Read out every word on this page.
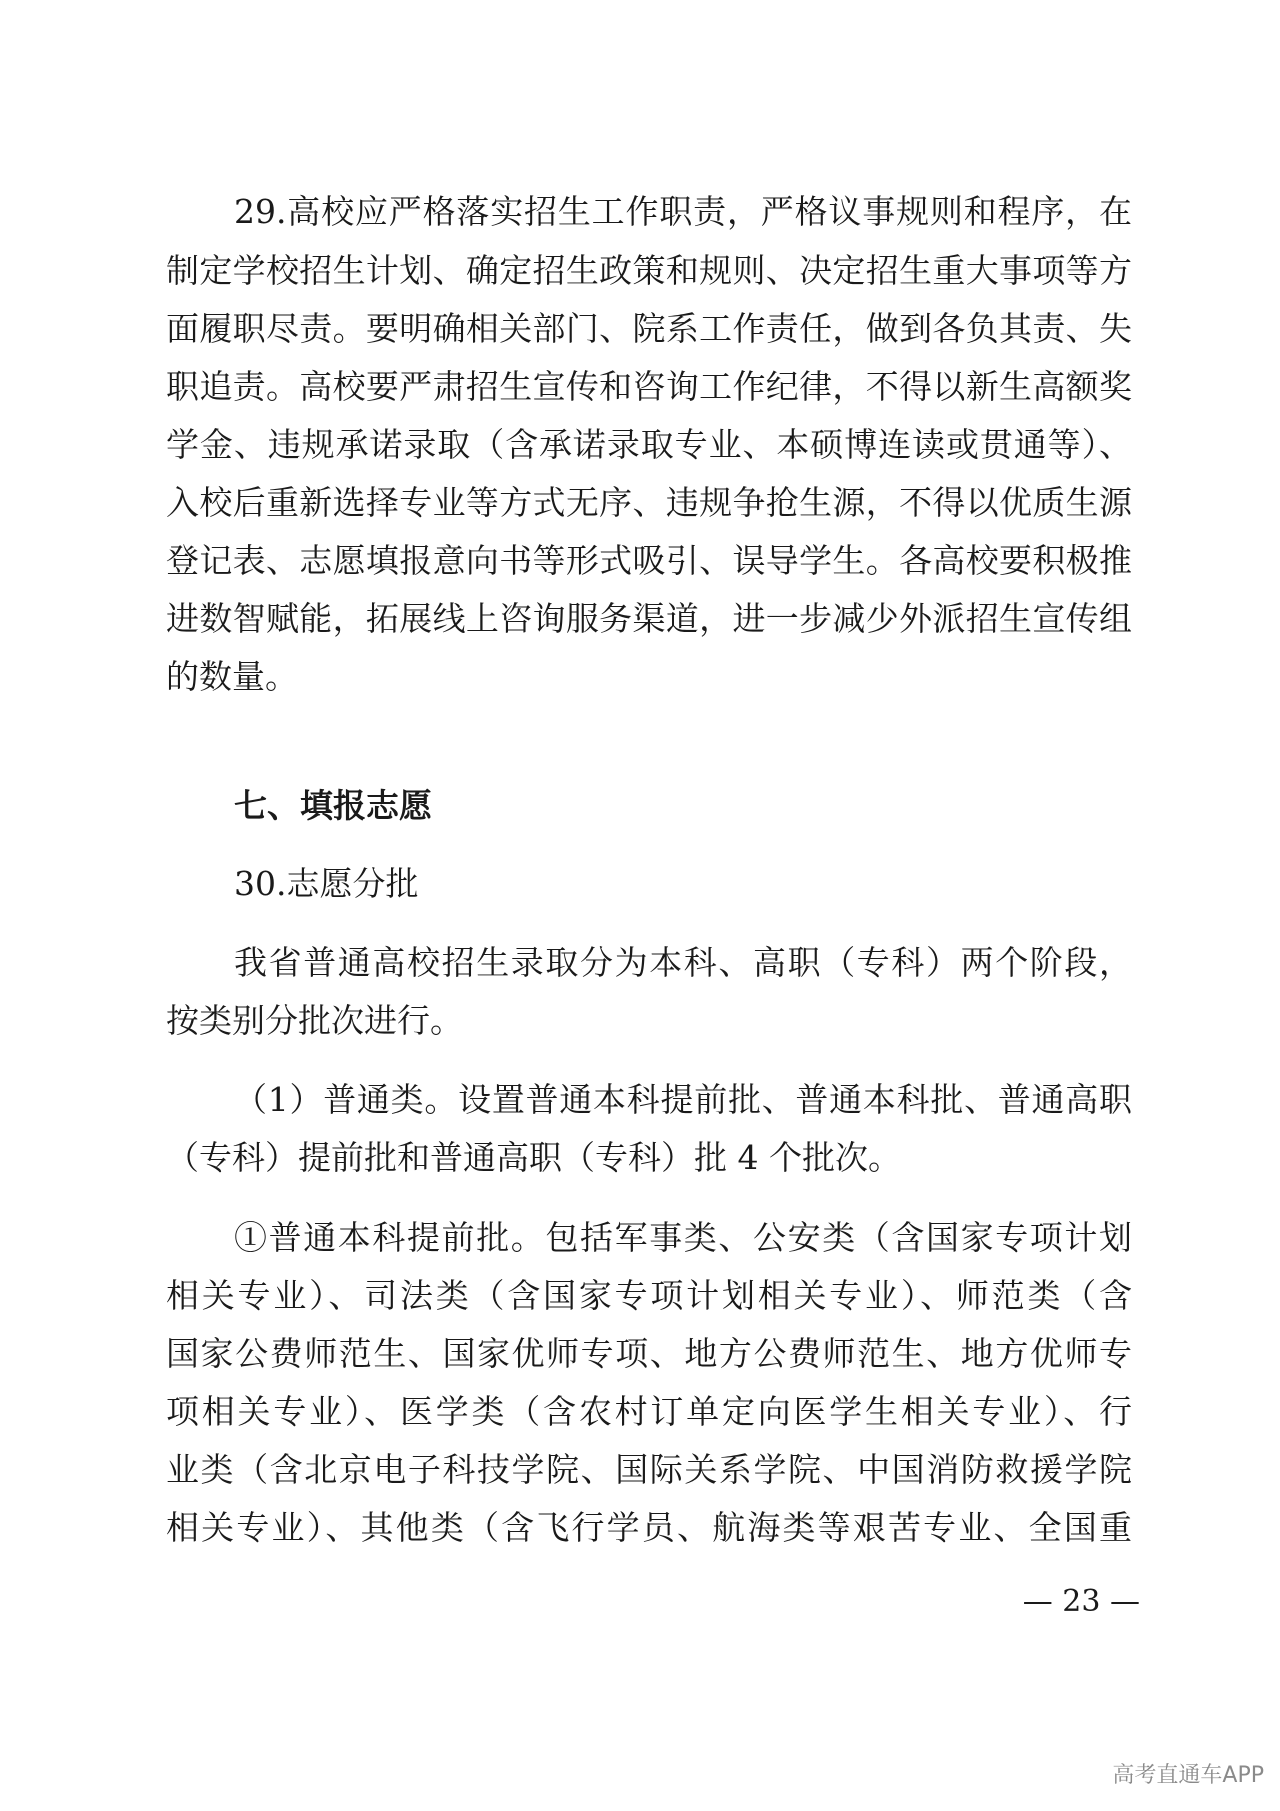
29.高校应严格落实招生工作职责，严格议事规则和程序，在
制定学校招生计划、确定招生政策和规则、决定招生重大事项等方
面履职尽责。要明确相关部门、院系工作责任，做到各负其责、失
职追责。高校要严肃招生宣传和咨询工作纪律，不得以新生高额奖
学金、违规承诺录取（含承诺录取专业、本硕博连读或贯通等）、
入校后重新选择专业等方式无序、违规争抢生源，不得以优质生源
登记表、志愿填报意向书等形式吸引、误导学生。各高校要积极推
进数智赋能，拓展线上咨询服务渠道，进一步减少外派招生宣传组
的数量。
七、填报志愿
30.志愿分批
我省普通高校招生录取分为本科、高职（专科）两个阶段，
按类别分批次进行。
（1）普通类。设置普通本科提前批、普通本科批、普通高职
（专科）提前批和普通高职（专科）批 4 个批次。
①普通本科提前批。包括军事类、公安类（含国家专项计划
相关专业）、司法类（含国家专项计划相关专业）、师范类（含
国家公费师范生、国家优师专项、地方公费师范生、地方优师专
项相关专业）、医学类（含农村订单定向医学生相关专业）、行
业类（含北京电子科技学院、国际关系学院、中国消防救援学院
相关专业）、其他类（含飞行学员、航海类等艰苦专业、全国重
— 23 —
高考直通车APP
